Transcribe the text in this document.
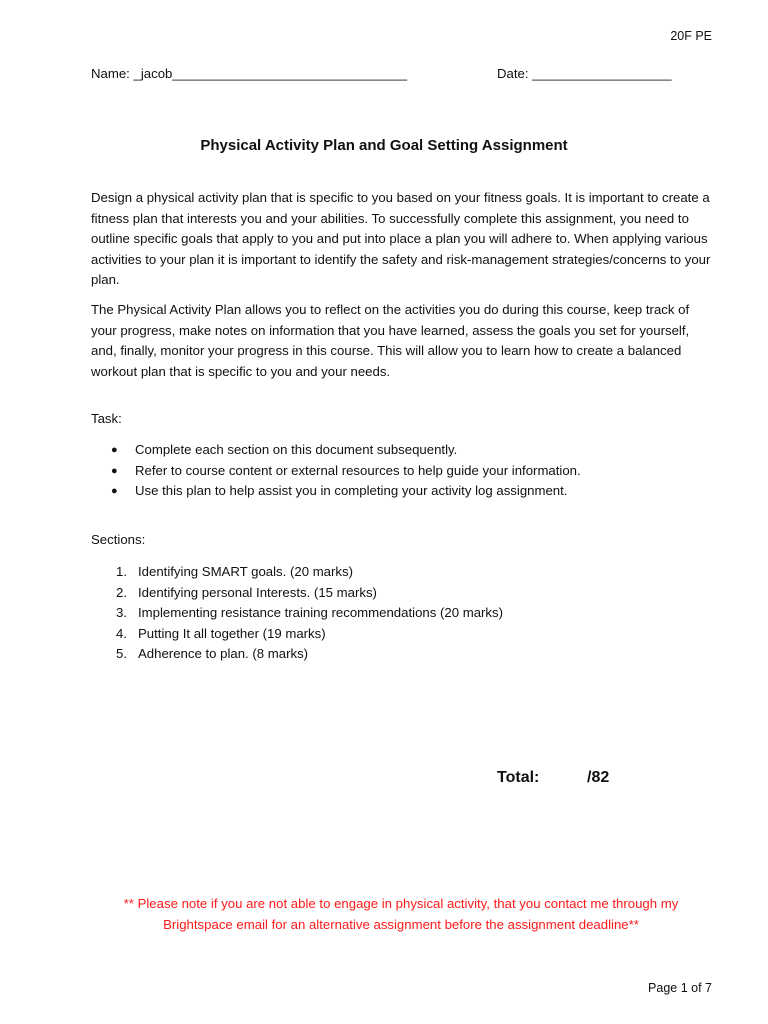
20F PE
Name: _jacob________________________________	Date: ___________________
Physical Activity Plan and Goal Setting Assignment
Design a physical activity plan that is specific to you based on your fitness goals. It is important to create a fitness plan that interests you and your abilities. To successfully complete this assignment, you need to outline specific goals that apply to you and put into place a plan you will adhere to. When applying various activities to your plan it is important to identify the safety and risk-management strategies/concerns to your plan.
The Physical Activity Plan allows you to reflect on the activities you do during this course, keep track of your progress, make notes on information that you have learned, assess the goals you set for yourself, and, finally, monitor your progress in this course. This will allow you to learn how to create a balanced workout plan that is specific to you and your needs.
Task:
●	Complete each section on this document subsequently.
●	Refer to course content or external resources to help guide your information.
●	Use this plan to help assist you in completing your activity log assignment.
Sections:
1. Identifying SMART goals. (20 marks)
2. Identifying personal Interests. (15 marks)
3. Implementing resistance training recommendations (20 marks)
4. Putting It all together (19 marks)
5. Adherence to plan. (8 marks)
Total:	/82
** Please note if you are not able to engage in physical activity, that you contact me through my Brightspace email for an alternative assignment before the assignment deadline**
Page 1 of 7
